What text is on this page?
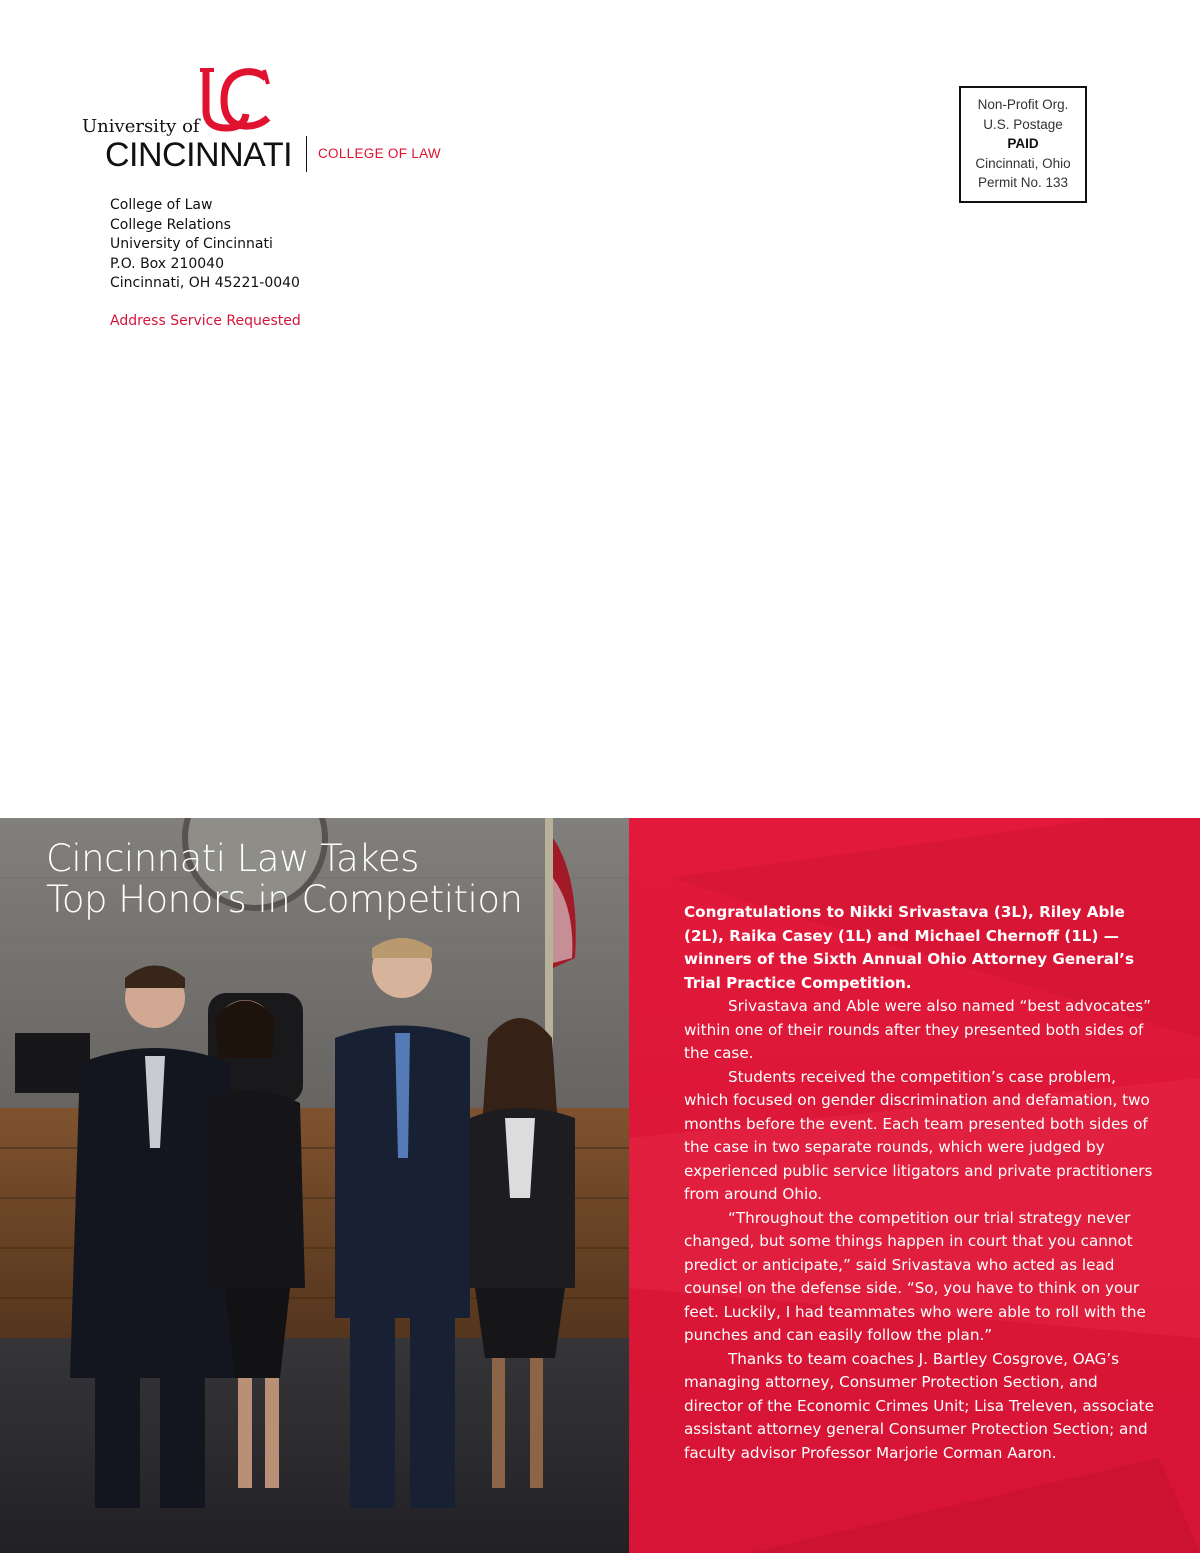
University of
CINCINNATI COLLEGE OF LAW
College of Law
College Relations
University of Cincinnati
P.O. Box 210040
Cincinnati, OH 45221-0040
Address Service Requested
Non-Profit Org.
U.S. Postage
PAID
Cincinnati, Ohio
Permit No. 133
Cincinnati Law Takes
Top Honors in Competition	Congratulations to Nikki Srivastava (3L), Riley Able (2L), Raika Casey (1L) and Michael Chernoff (1L) — winners of the Sixth Annual Ohio Attorney General’s Trial Practice Competition.

Srivastava and Able were also named “best advocates” within one of their rounds after they presented both sides of the case.

Students received the competition’s case problem, which focused on gender discrimination and defamation, two months before the event. Each team presented both sides of the case in two separate rounds, which were judged by experienced public service litigators and private practitioners from around Ohio.

“Throughout the competition our trial strategy never changed, but some things happen in court that you cannot predict or anticipate,” said Srivastava who acted as lead counsel on the defense side. “So, you have to think on your feet. Luckily, I had teammates who were able to roll with the punches and can easily follow the plan.”

Thanks to team coaches J. Bartley Cosgrove, OAG’s managing attorney, Consumer Protection Section, and director of the Economic Crimes Unit; Lisa Treleven, associate assistant attorney general Consumer Protection Section; and faculty advisor Professor Marjorie Corman Aaron.
